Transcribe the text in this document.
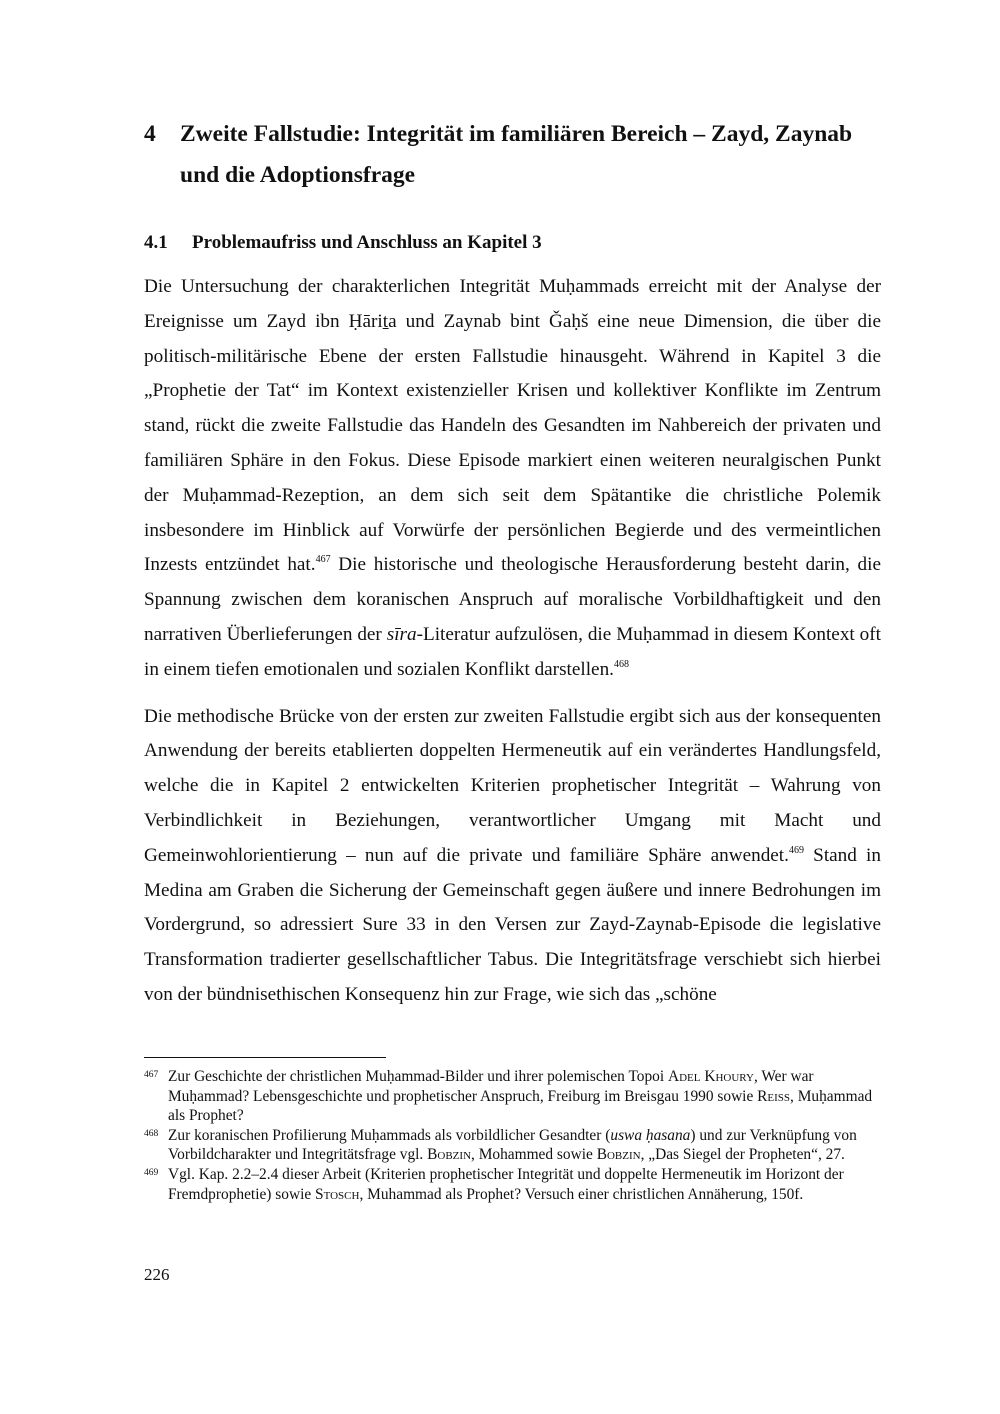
4	Zweite Fallstudie: Integrität im familiären Bereich – Zayd, Zaynab und die Adoptionsfrage
4.1	Problemaufriss und Anschluss an Kapitel 3

Die Untersuchung der charakterlichen Integrität Muḥammads erreicht mit der Analyse der Ereignisse um Zayd ibn Ḥāriṯa und Zaynab bint Ǧaḥš eine neue Dimension, die über die politisch-militärische Ebene der ersten Fallstudie hinausgeht. Während in Kapitel 3 die „Prophetie der Tat“ im Kontext existenzieller Krisen und kollektiver Konflikte im Zentrum stand, rückt die zweite Fallstudie das Handeln des Gesandten im Nahbereich der privaten und familiären Sphäre in den Fokus. Diese Episode markiert einen weiteren neuralgischen Punkt der Muḥammad-Rezeption, an dem sich seit dem Spätantike die christliche Polemik insbesondere im Hinblick auf Vorwürfe der persönlichen Begierde und des vermeintlichen Inzests entzündet hat.$^{467}$ Die historische und theologische Herausforderung besteht darin, die Spannung zwischen dem koranischen Anspruch auf moralische Vorbildhaftigkeit und den narrativen Überlieferungen der sīra-Literatur aufzulösen, die Muḥammad in diesem Kontext oft in einem tiefen emotionalen und sozialen Konflikt darstellen.$^{468}$

Die methodische Brücke von der ersten zur zweiten Fallstudie ergibt sich aus der konsequenten Anwendung der bereits etablierten doppelten Hermeneutik auf ein verändertes Handlungsfeld, welche die in Kapitel 2 entwickelten Kriterien prophetischer Integrität – Wahrung von Verbindlichkeit in Beziehungen, verantwortlicher Umgang mit Macht und Gemeinwohlorientierung – nun auf die private und familiäre Sphäre anwendet.$^{469}$ Stand in Medina am Graben die Sicherung der Gemeinschaft gegen äußere und innere Bedrohungen im Vordergrund, so adressiert Sure 33 in den Versen zur Zayd-Zaynab-Episode die legislative Transformation tradierter gesellschaftlicher Tabus. Die Integritätsfrage verschiebt sich hierbei von der bündnisethischen Konsequenz hin zur Frage, wie sich das „schöne

467 Zur Geschichte der christlichen Muḥammad-Bilder und ihrer polemischen Topoi Adel Khoury, Wer war Muḥammad? Lebensgeschichte und prophetischer Anspruch, Freiburg im Breisgau 1990 sowie Reiss, Muḥammad als Prophet?
468 Zur koranischen Profilierung Muḥammads als vorbildlicher Gesandter (uswa ḥasana) und zur Verknüpfung von Vorbildcharakter und Integritätsfrage vgl. Bobzin, Mohammed sowie Bobzin, „Das Siegel der Propheten“, 27.
469 Vgl. Kap. 2.2–2.4 dieser Arbeit (Kriterien prophetischer Integrität und doppelte Hermeneutik im Horizont der Fremdprophetie) sowie Stosch, Muhammad als Prophet? Versuch einer christlichen Annäherung, 150f.
226
